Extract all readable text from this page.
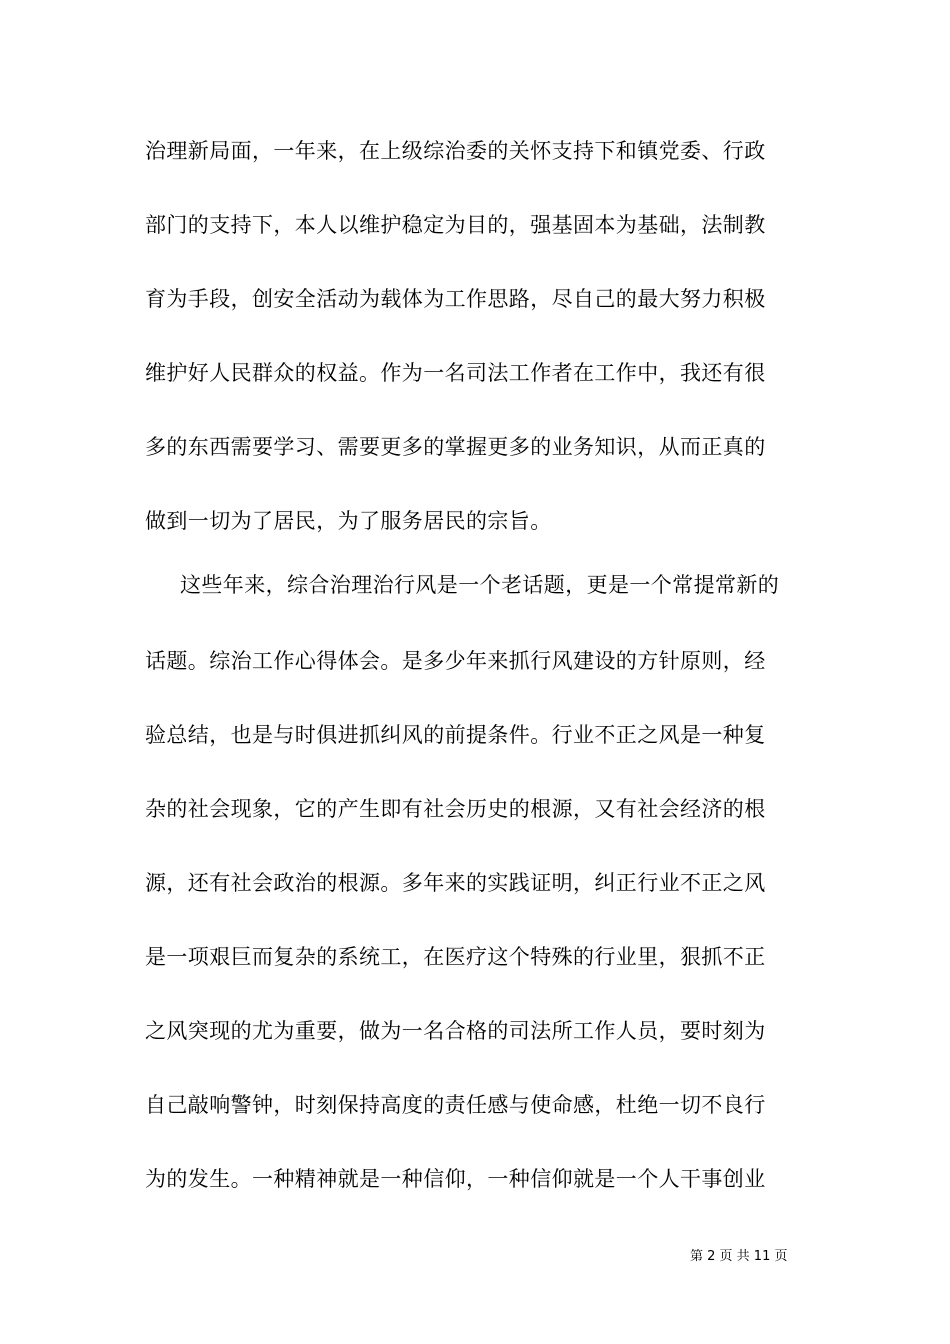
治理新局面，一年来，在上级综治委的关怀支持下和镇党委、行政
部门的支持下，本人以维护稳定为目的，强基固本为基础，法制教
育为手段，创安全活动为载体为工作思路，尽自己的最大努力积极
维护好人民群众的权益。作为一名司法工作者在工作中，我还有很
多的东西需要学习、需要更多的掌握更多的业务知识，从而正真的
做到一切为了居民，为了服务居民的宗旨。
这些年来，综合治理治行风是一个老话题，更是一个常提常新的
话题。综治工作心得体会。是多少年来抓行风建设的方针原则，经
验总结，也是与时俱进抓纠风的前提条件。行业不正之风是一种复
杂的社会现象，它的产生即有社会历史的根源，又有社会经济的根
源，还有社会政治的根源。多年来的实践证明，纠正行业不正之风
是一项艰巨而复杂的系统工，在医疗这个特殊的行业里，狠抓不正
之风突现的尤为重要，做为一名合格的司法所工作人员，要时刻为
自己敲响警钟，时刻保持高度的责任感与使命感，杜绝一切不良行
为的发生。一种精神就是一种信仰，一种信仰就是一个人干事创业
第 2 页 共 11 页
